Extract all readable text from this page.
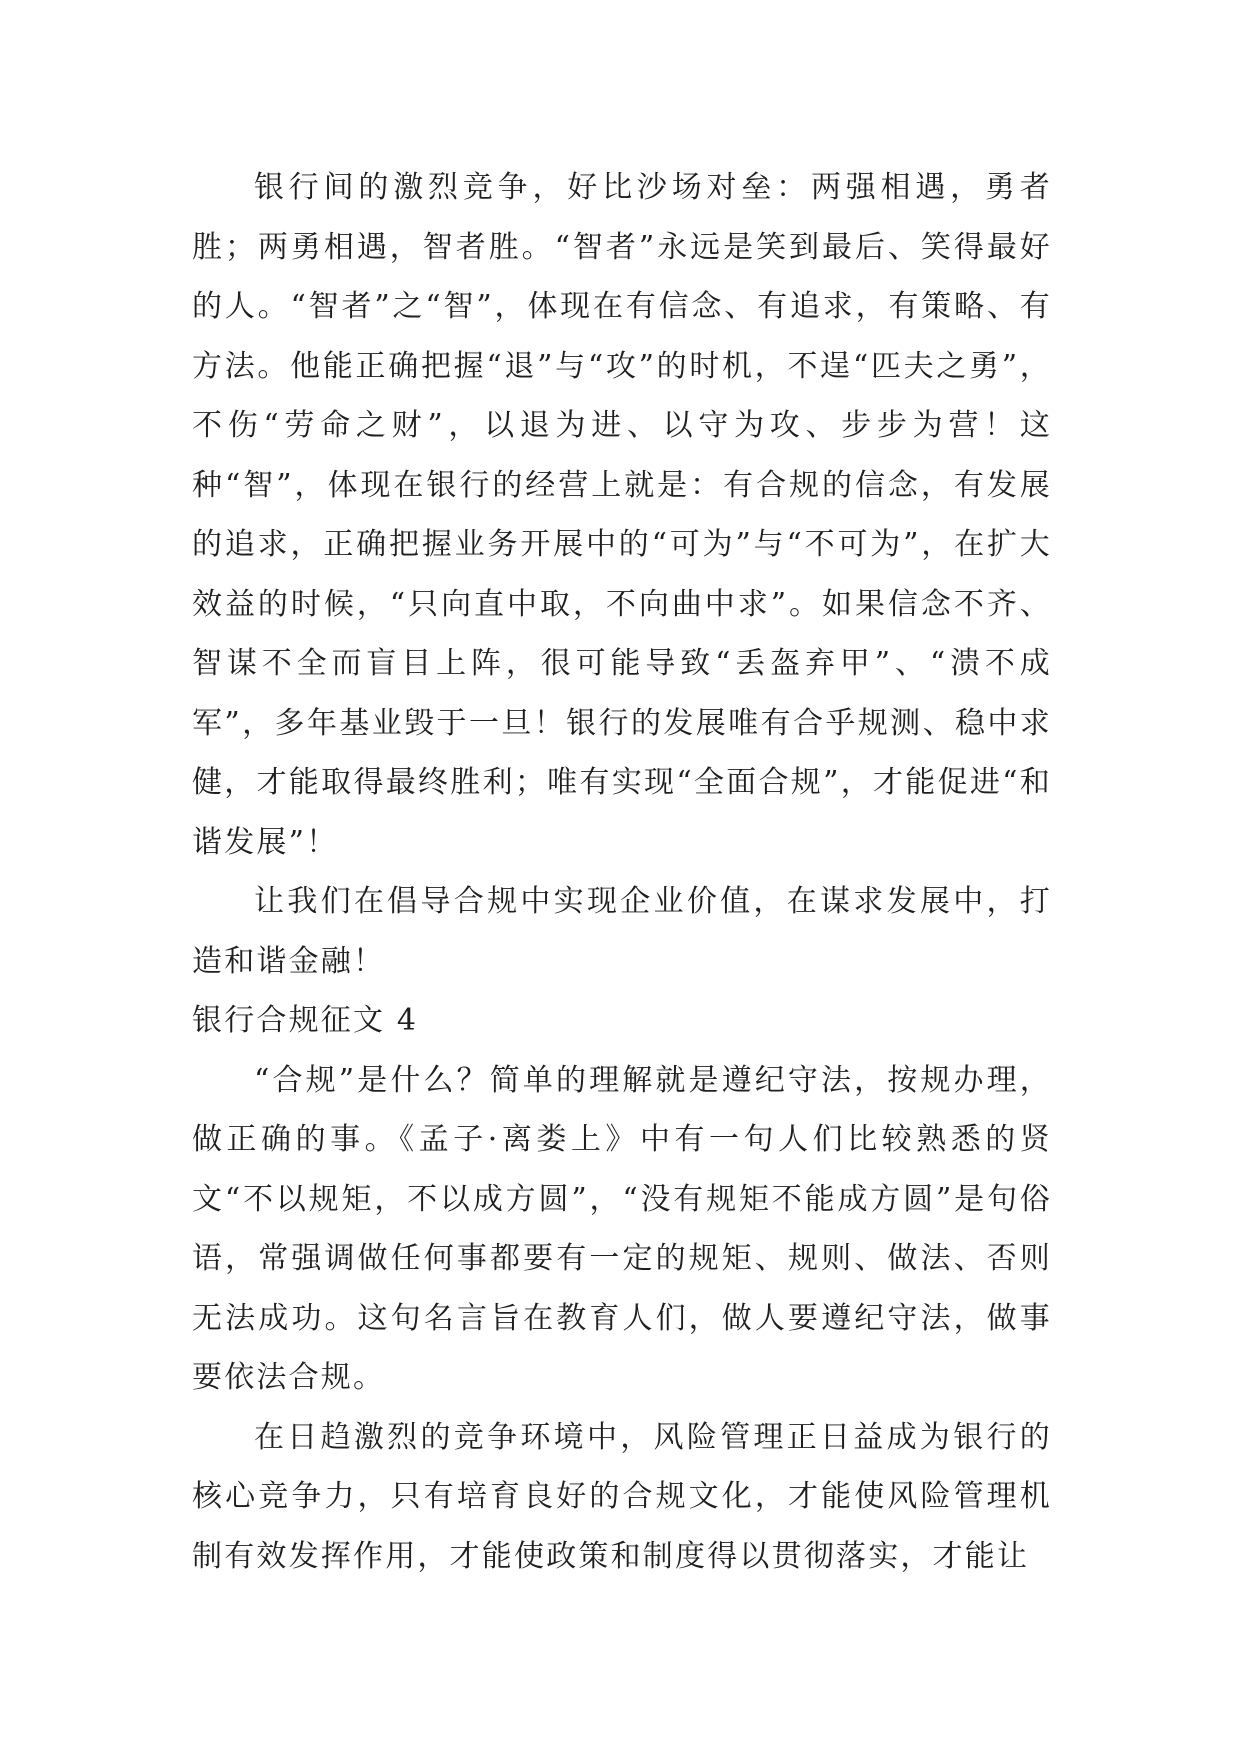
银行间的激烈竞争，好比沙场对垒：两强相遇，勇者胜；两勇相遇，智者胜。“智者”永远是笑到最后、笑得最好的人。“智者”之“智”，体现在有信念、有追求，有策略、有方法。他能正确把握“退”与“攻”的时机，不逞“匹夫之勇”，不伤“劳命之财”，以退为进、以守为攻、步步为营！这种“智”，体现在银行的经营上就是：有合规的信念，有发展的追求，正确把握业务开展中的“可为”与“不可为”，在扩大效益的时候，“只向直中取，不向曲中求”。如果信念不齐、智谋不全而盲目上阵，很可能导致“丢盔弃甲”、“溃不成军”，多年基业毁于一旦！银行的发展唯有合乎规测、稳中求健，才能取得最终胜利；唯有实现“全面合规”，才能促进“和谐发展”！

让我们在倡导合规中实现企业价值，在谋求发展中，打造和谐金融！

银行合规征文 4

“合规”是什么？简单的理解就是遵纪守法，按规办理，做正确的事。《孟子·离娄上》中有一句人们比较熟悉的贤文“不以规矩，不以成方圆”，“没有规矩不能成方圆”是句俗语，常强调做任何事都要有一定的规矩、规则、做法、否则无法成功。这句名言旨在教育人们，做人要遵纪守法，做事要依法合规。

在日趋激烈的竞争环境中，风险管理正日益成为银行的核心竞争力，只有培育良好的合规文化，才能使风险管理机制有效发挥作用，才能使政策和制度得以贯彻落实，才能让
